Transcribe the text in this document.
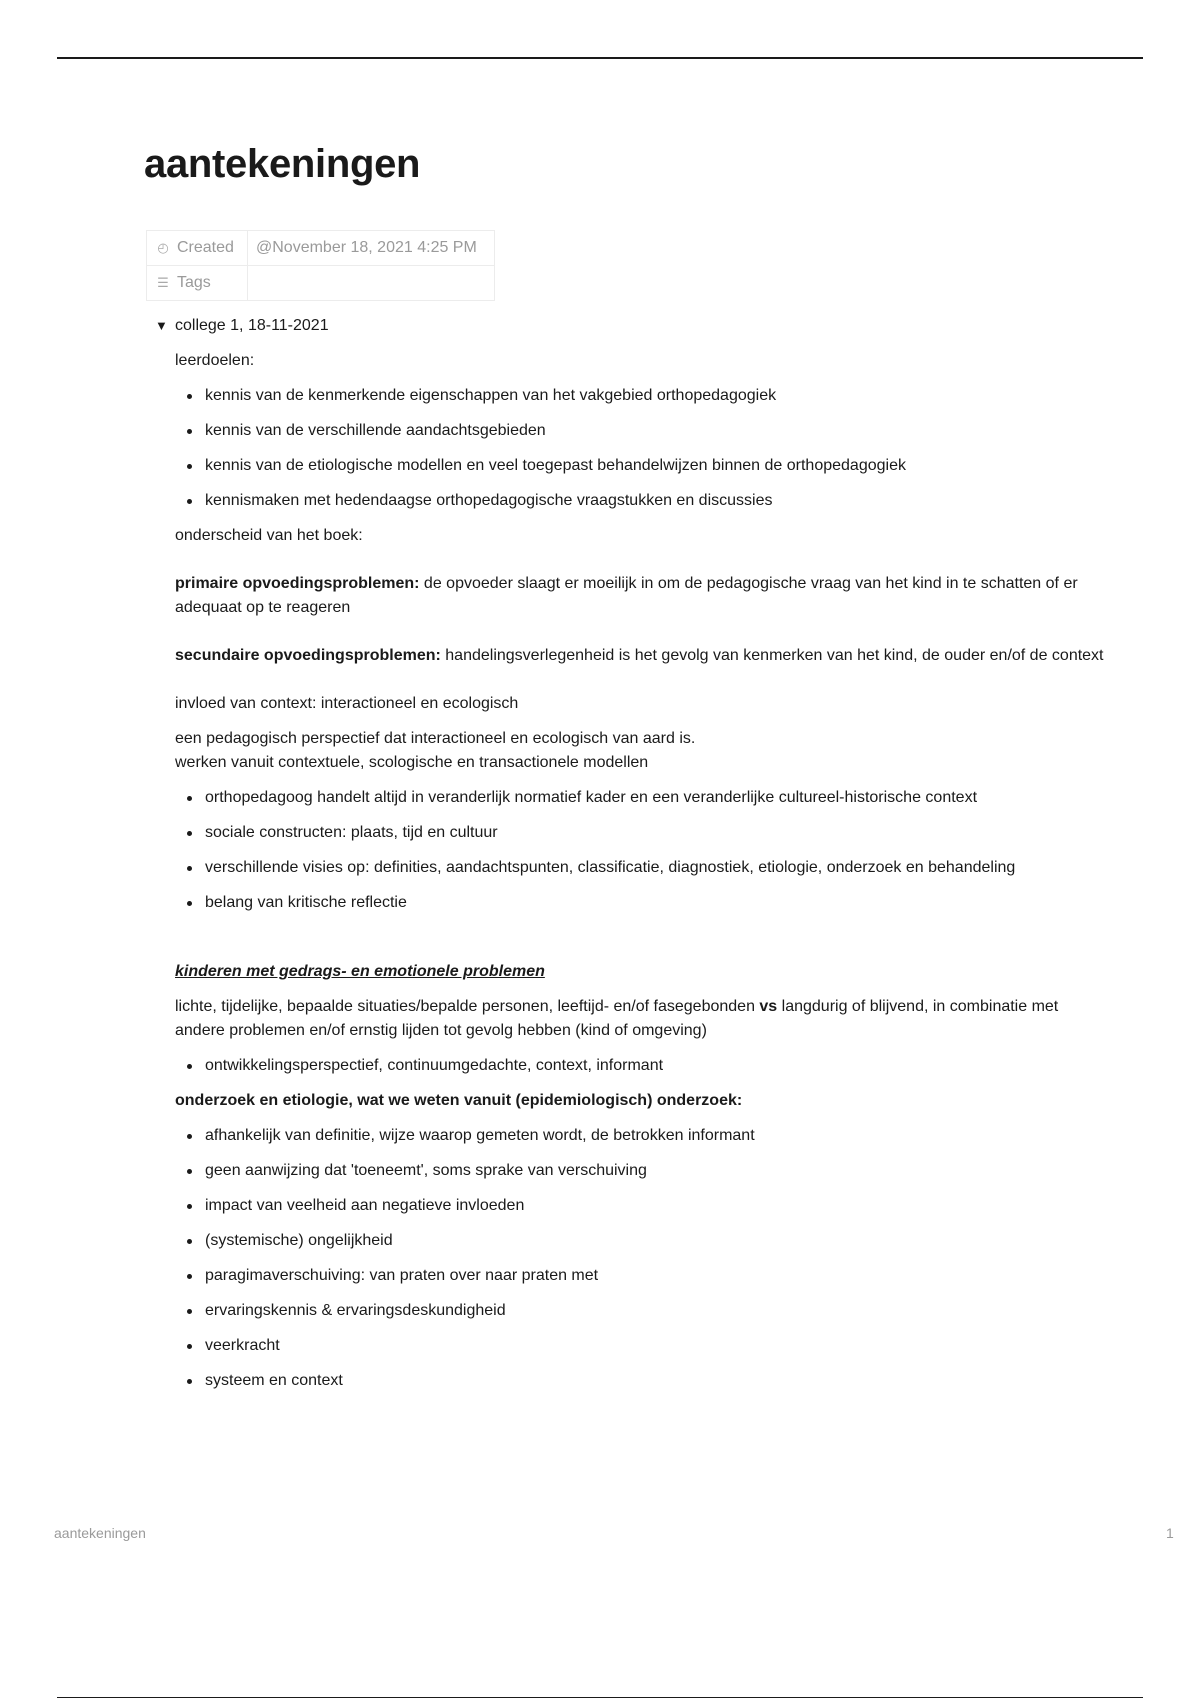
aantekeningen
◴ Created	@November 18, 2021 4:25 PM
☰ Tags	
▼ college 1, 18-11-2021

leerdoelen:

kennis van de kenmerkende eigenschappen van het vakgebied orthopedagogiek
kennis van de verschillende aandachtsgebieden
kennis van de etiologische modellen en veel toegepast behandelwijzen binnen de orthopedagogiek
kennismaken met hedendaagse orthopedagogische vraagstukken en discussies

onderscheid van het boek:

primaire opvoedingsproblemen: de opvoeder slaagt er moeilijk in om de pedagogische vraag van het kind in te schatten of er adequaat op te reageren

secundaire opvoedingsproblemen: handelingsverlegenheid is het gevolg van kenmerken van het kind, de ouder en/of de context

invloed van context: interactioneel en ecologisch

een pedagogisch perspectief dat interactioneel en ecologisch van aard is.
werken vanuit contextuele, scologische en transactionele modellen

orthopedagoog handelt altijd in veranderlijk normatief kader en een veranderlijke cultureel-historische context
sociale constructen: plaats, tijd en cultuur
verschillende visies op: definities, aandachtspunten, classificatie, diagnostiek, etiologie, onderzoek en behandeling
belang van kritische reflectie

kinderen met gedrags- en emotionele problemen

lichte, tijdelijke, bepaalde situaties/bepalde personen, leeftijd- en/of fasegebonden vs langdurig of blijvend, in combinatie met andere problemen en/of ernstig lijden tot gevolg hebben (kind of omgeving)

ontwikkelingsperspectief, continuumgedachte, context, informant

onderzoek en etiologie, wat we weten vanuit (epidemiologisch) onderzoek:

afhankelijk van definitie, wijze waarop gemeten wordt, de betrokken informant
geen aanwijzing dat 'toeneemt', soms sprake van verschuiving
impact van veelheid aan negatieve invloeden
(systemische) ongelijkheid
paragimaverschuiving: van praten over naar praten met
ervaringskennis & ervaringsdeskundigheid
veerkracht
systeem en context
aantekeningen	1
